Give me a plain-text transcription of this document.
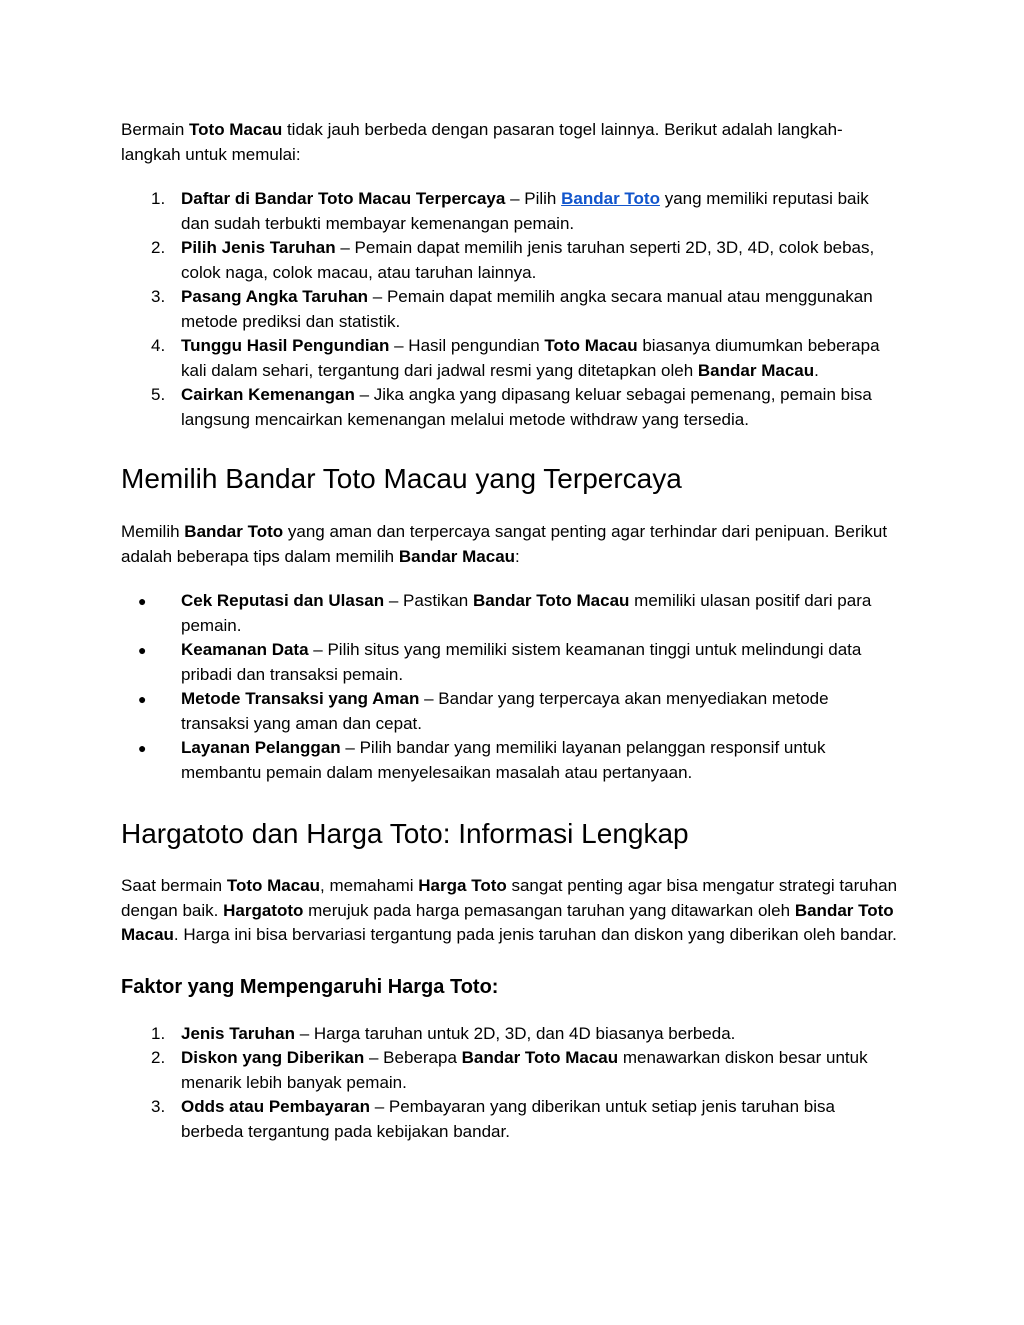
Bermain Toto Macau tidak jauh berbeda dengan pasaran togel lainnya. Berikut adalah langkah-langkah untuk memulai:

1. Daftar di Bandar Toto Macau Terpercaya – Pilih Bandar Toto yang memiliki reputasi baik dan sudah terbukti membayar kemenangan pemain.
2. Pilih Jenis Taruhan – Pemain dapat memilih jenis taruhan seperti 2D, 3D, 4D, colok bebas, colok naga, colok macau, atau taruhan lainnya.
3. Pasang Angka Taruhan – Pemain dapat memilih angka secara manual atau menggunakan metode prediksi dan statistik.
4. Tunggu Hasil Pengundian – Hasil pengundian Toto Macau biasanya diumumkan beberapa kali dalam sehari, tergantung dari jadwal resmi yang ditetapkan oleh Bandar Macau.
5. Cairkan Kemenangan – Jika angka yang dipasang keluar sebagai pemenang, pemain bisa langsung mencairkan kemenangan melalui metode withdraw yang tersedia.
Memilih Bandar Toto Macau yang Terpercaya

Memilih Bandar Toto yang aman dan terpercaya sangat penting agar terhindar dari penipuan. Berikut adalah beberapa tips dalam memilih Bandar Macau:

● Cek Reputasi dan Ulasan – Pastikan Bandar Toto Macau memiliki ulasan positif dari para pemain.
● Keamanan Data – Pilih situs yang memiliki sistem keamanan tinggi untuk melindungi data pribadi dan transaksi pemain.
● Metode Transaksi yang Aman – Bandar yang terpercaya akan menyediakan metode transaksi yang aman dan cepat.
● Layanan Pelanggan – Pilih bandar yang memiliki layanan pelanggan responsif untuk membantu pemain dalam menyelesaikan masalah atau pertanyaan.
Hargatoto dan Harga Toto: Informasi Lengkap

Saat bermain Toto Macau, memahami Harga Toto sangat penting agar bisa mengatur strategi taruhan dengan baik. Hargatoto merujuk pada harga pemasangan taruhan yang ditawarkan oleh Bandar Toto Macau. Harga ini bisa bervariasi tergantung pada jenis taruhan dan diskon yang diberikan oleh bandar.

Faktor yang Mempengaruhi Harga Toto:
1. Jenis Taruhan – Harga taruhan untuk 2D, 3D, dan 4D biasanya berbeda.
2. Diskon yang Diberikan – Beberapa Bandar Toto Macau menawarkan diskon besar untuk menarik lebih banyak pemain.
3. Odds atau Pembayaran – Pembayaran yang diberikan untuk setiap jenis taruhan bisa berbeda tergantung pada kebijakan bandar.
